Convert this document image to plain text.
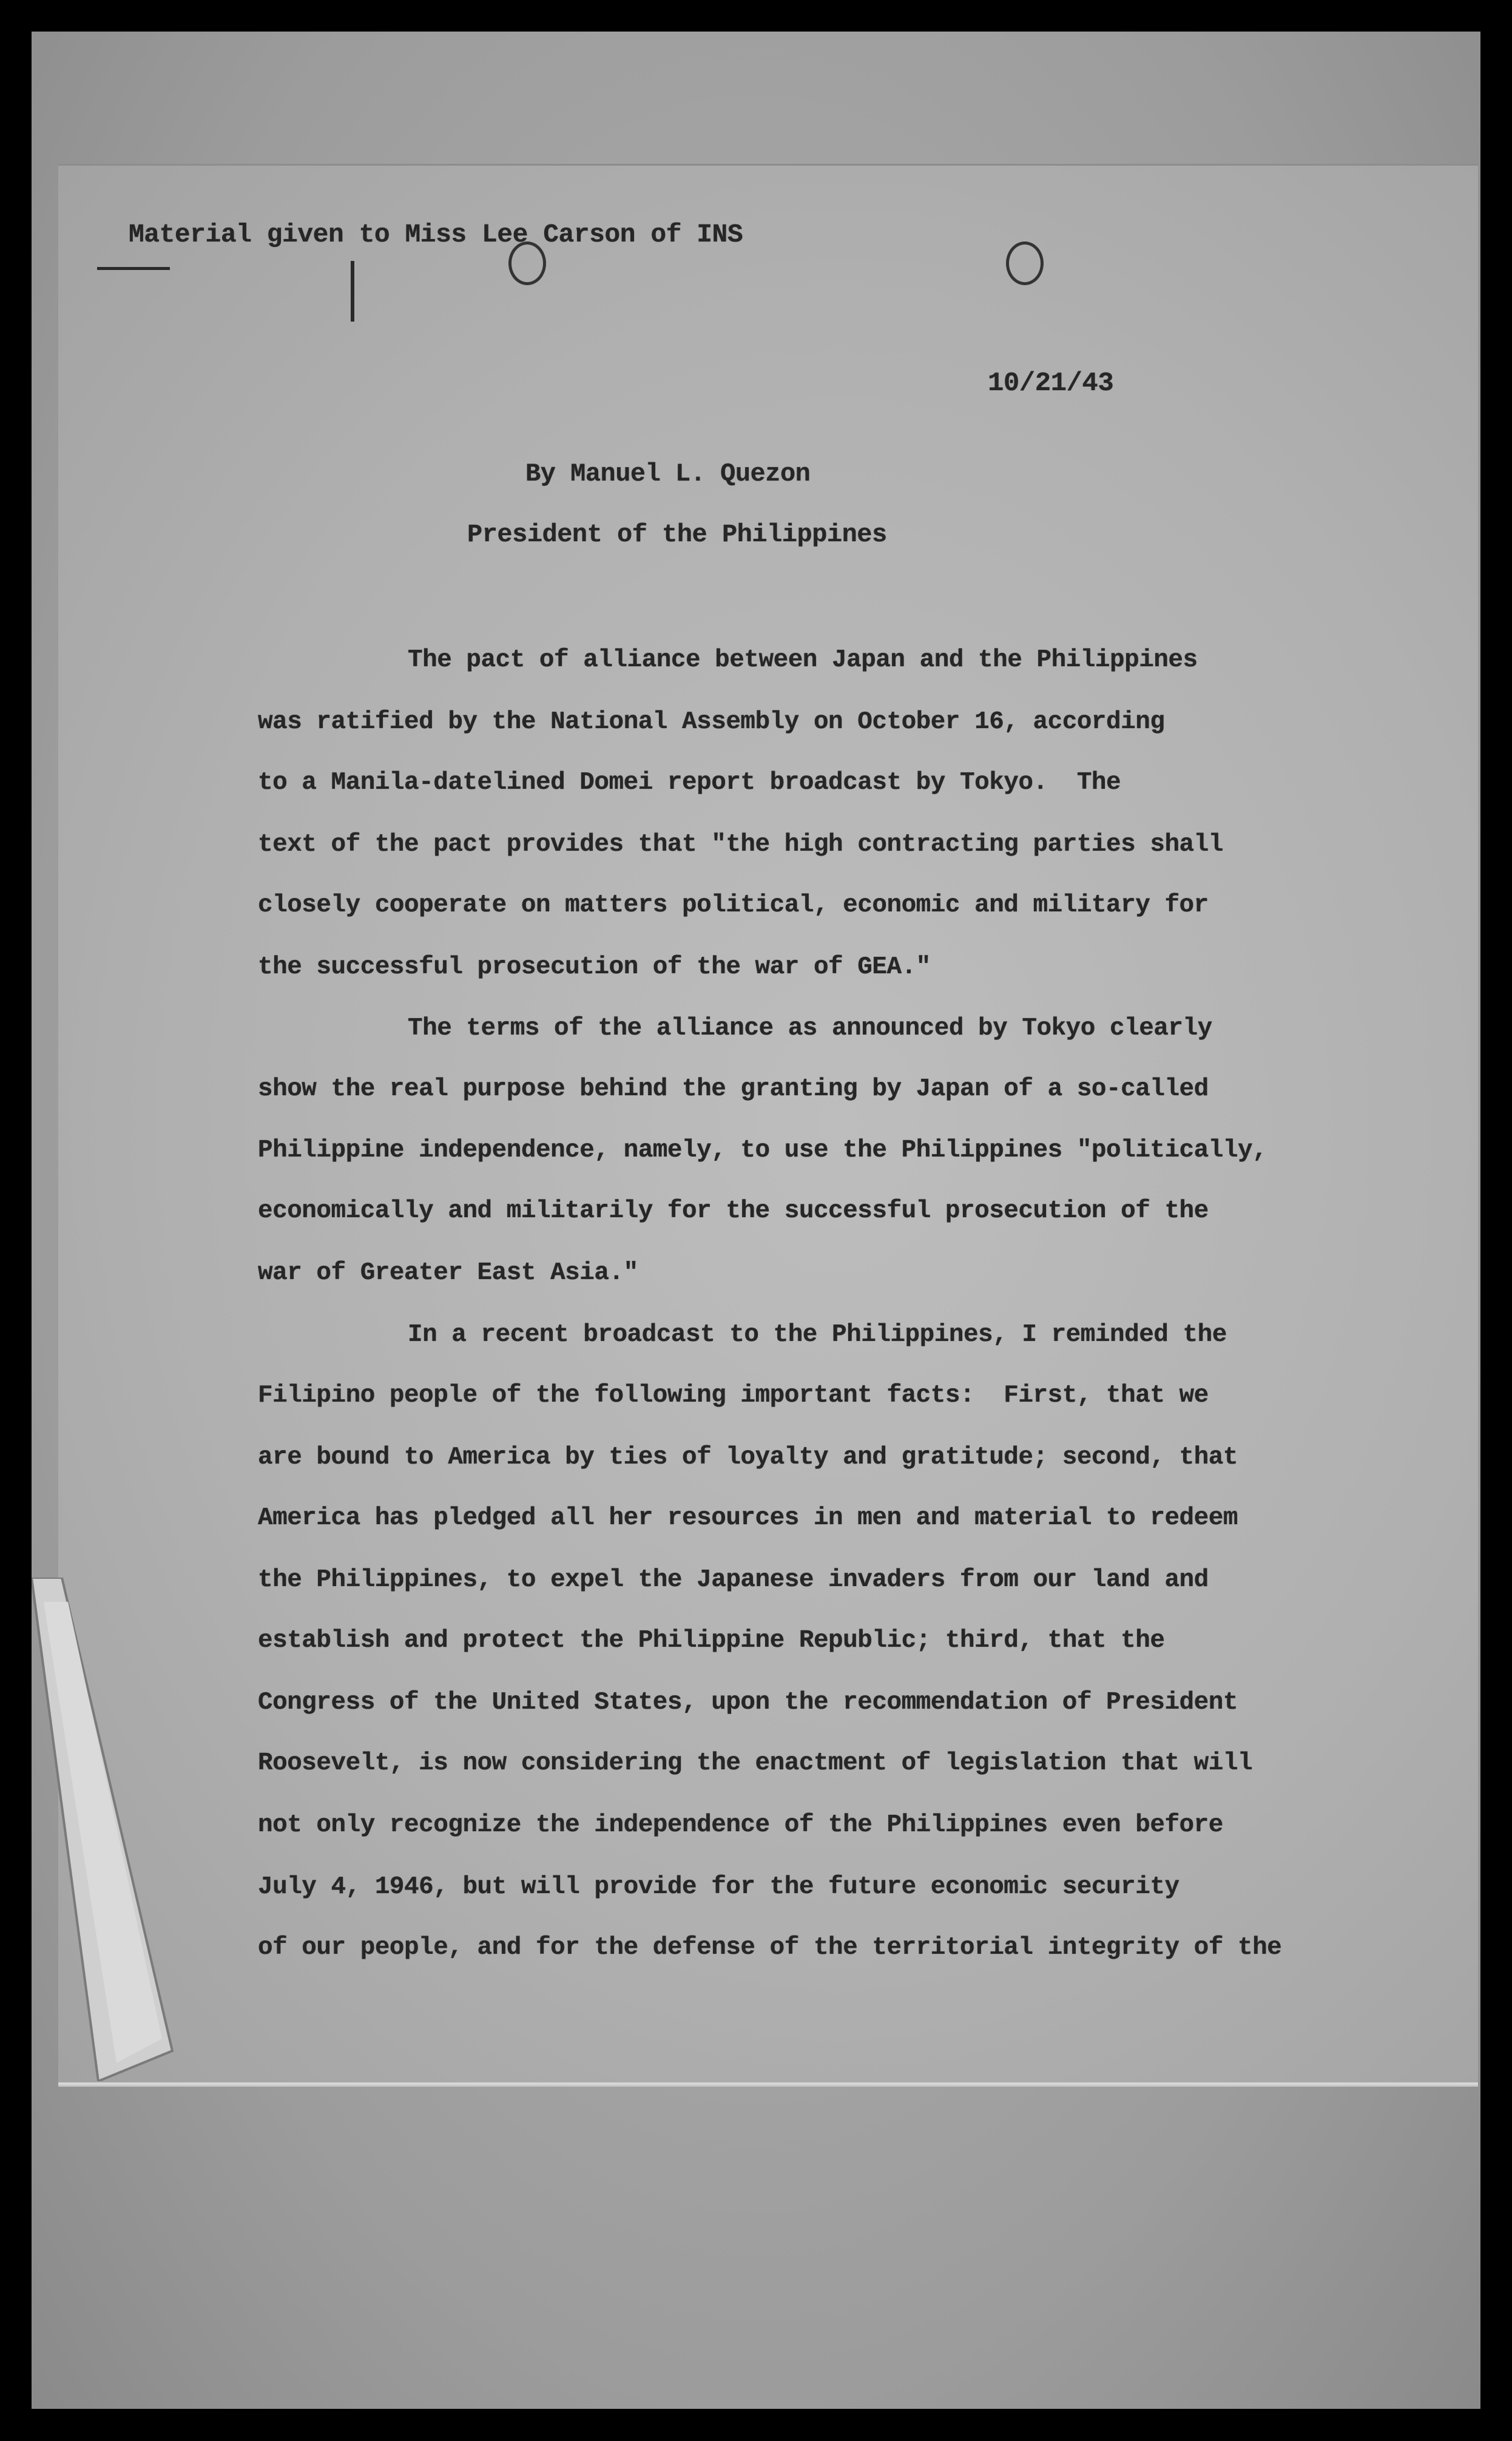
Material given to Miss Lee Carson of INS
10/21/43
By Manuel L. Quezon
President of the Philippines
The pact of alliance between Japan and the Philippines
was ratified by the National Assembly on October 16, according
to a Manila-datelined Domei report broadcast by Tokyo.  The
text of the pact provides that "the high contracting parties shall
closely cooperate on matters political, economic and military for
the successful prosecution of the war of GEA."
The terms of the alliance as announced by Tokyo clearly
show the real purpose behind the granting by Japan of a so-called
Philippine independence, namely, to use the Philippines "politically,
economically and militarily for the successful prosecution of the
war of Greater East Asia."
In a recent broadcast to the Philippines, I reminded the
Filipino people of the following important facts:  First, that we
are bound to America by ties of loyalty and gratitude; second, that
America has pledged all her resources in men and material to redeem
the Philippines, to expel the Japanese invaders from our land and
establish and protect the Philippine Republic; third, that the
Congress of the United States, upon the recommendation of President
Roosevelt, is now considering the enactment of legislation that will
not only recognize the independence of the Philippines even before
July 4, 1946, but will provide for the future economic security
of our people, and for the defense of the territorial integrity of the
